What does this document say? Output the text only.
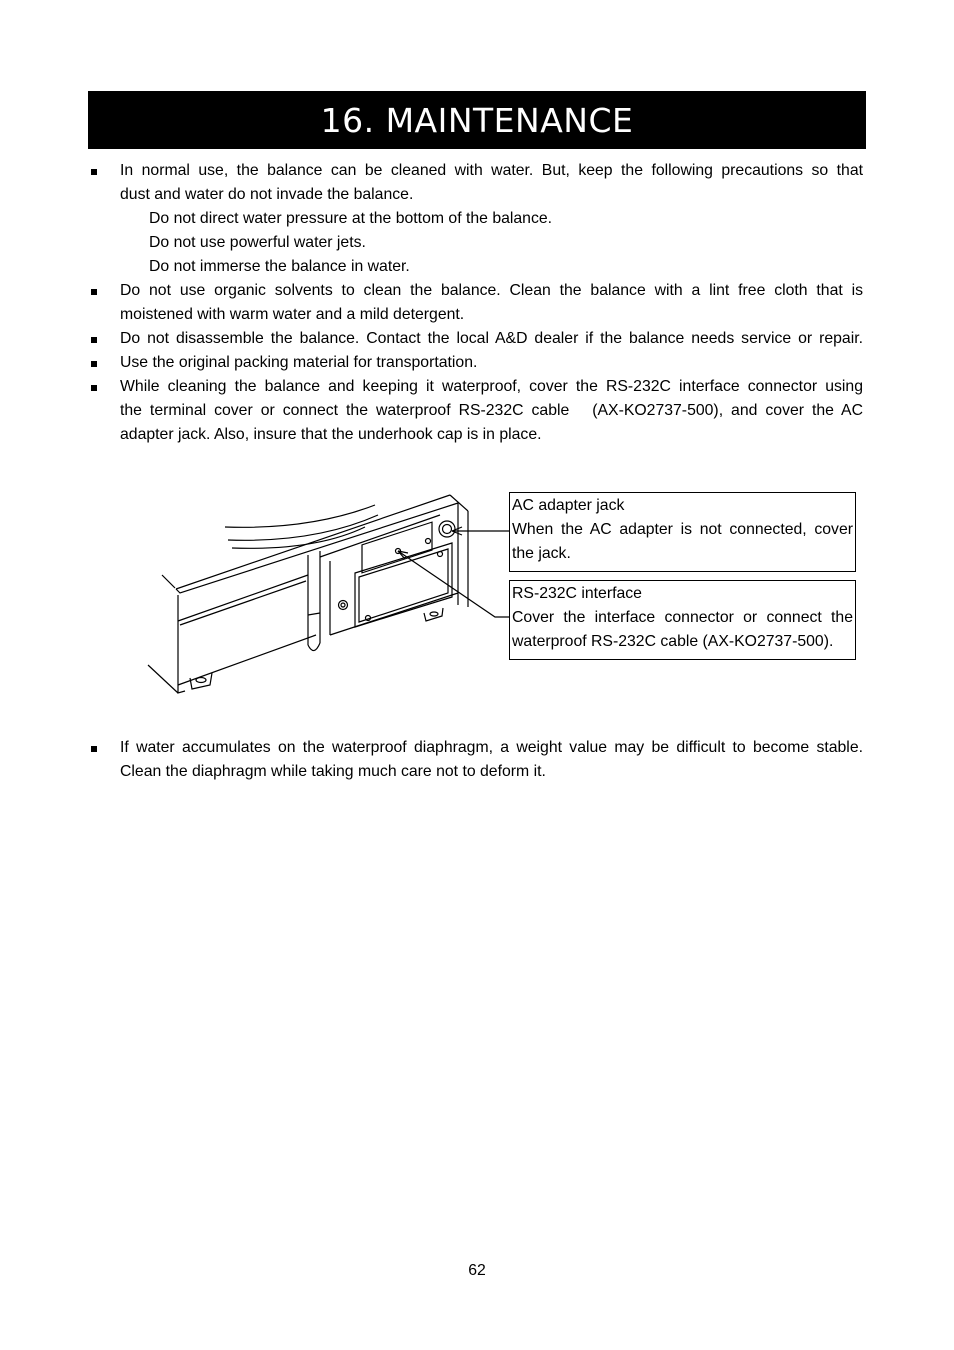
16. MAINTENANCE
In normal use, the balance can be cleaned with water. But, keep the following precautions so that
dust and water do not invade the balance.
Do not direct water pressure at the bottom of the balance.
Do not use powerful water jets.
Do not immerse the balance in water.
Do not use organic solvents to clean the balance. Clean the balance with a lint free cloth that is
moistened with warm water and a mild detergent.
Do not disassemble the balance. Contact the local A&D dealer if the balance needs service or repair.
Use the original packing material for transportation.
While cleaning the balance and keeping it waterproof, cover the RS-232C interface connector using
the terminal cover or connect the waterproof RS-232C cable　(AX-KO2737-500), and cover the AC
adapter jack. Also, insure that the underhook cap is in place.
AC adapter jack
When the AC adapter is not connected, cover
the jack.
RS-232C interface
Cover the interface connector or connect the
waterproof RS-232C cable (AX-KO2737-500).
If water accumulates on the waterproof diaphragm, a weight value may be difficult to become stable.
Clean the diaphragm while taking much care not to deform it.
62
